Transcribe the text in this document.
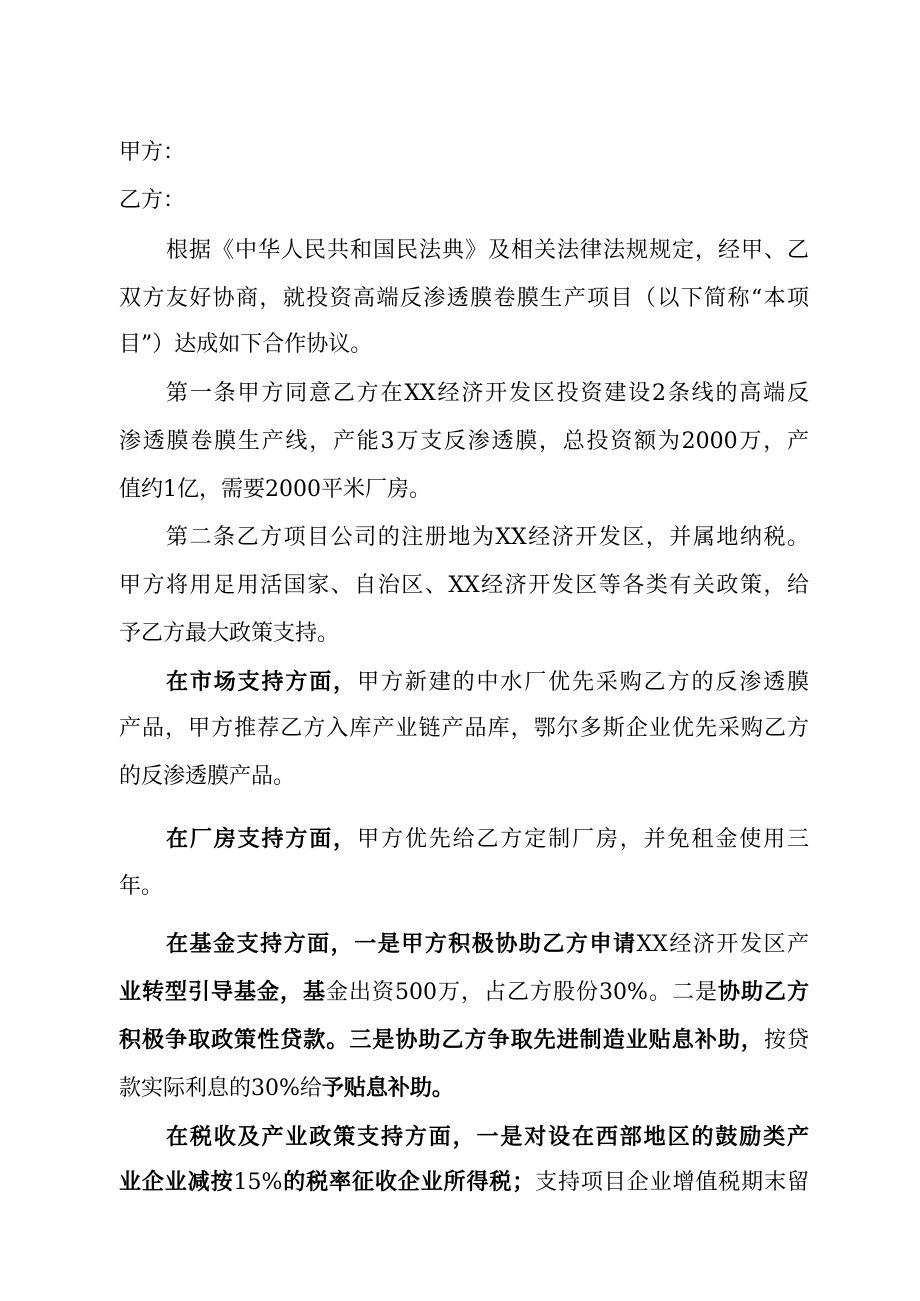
甲方：
乙方：
根据《中华人民共和国民法典》及相关法律法规规定，经甲、乙
双方友好协商，就投资高端反渗透膜卷膜生产项目（以下简称“本项
目”）达成如下合作协议。
第一条甲方同意乙方在XX经济开发区投资建设2条线的高端反
渗透膜卷膜生产线，产能3万支反渗透膜，总投资额为2000万，产
值约1亿，需要2000平米厂房。
第二条乙方项目公司的注册地为XX经济开发区，并属地纳税。
甲方将用足用活国家、自治区、XX经济开发区等各类有关政策，给
予乙方最大政策支持。
在市场支持方面，甲方新建的中水厂优先采购乙方的反渗透膜
产品，甲方推荐乙方入库产业链产品库，鄂尔多斯企业优先采购乙方
的反渗透膜产品。
在厂房支持方面，甲方优先给乙方定制厂房，并免租金使用三
年。
在基金支持方面，一是甲方积极协助乙方申请XX经济开发区产
业转型引导基金，基金出资500万，占乙方股份30%。二是协助乙方
积极争取政策性贷款。三是协助乙方争取先进制造业贴息补助，按贷
款实际利息的30%给予贴息补助。
在税收及产业政策支持方面，一是对设在西部地区的鼓励类产
业企业减按15%的税率征收企业所得税；支持项目企业增值税期末留
